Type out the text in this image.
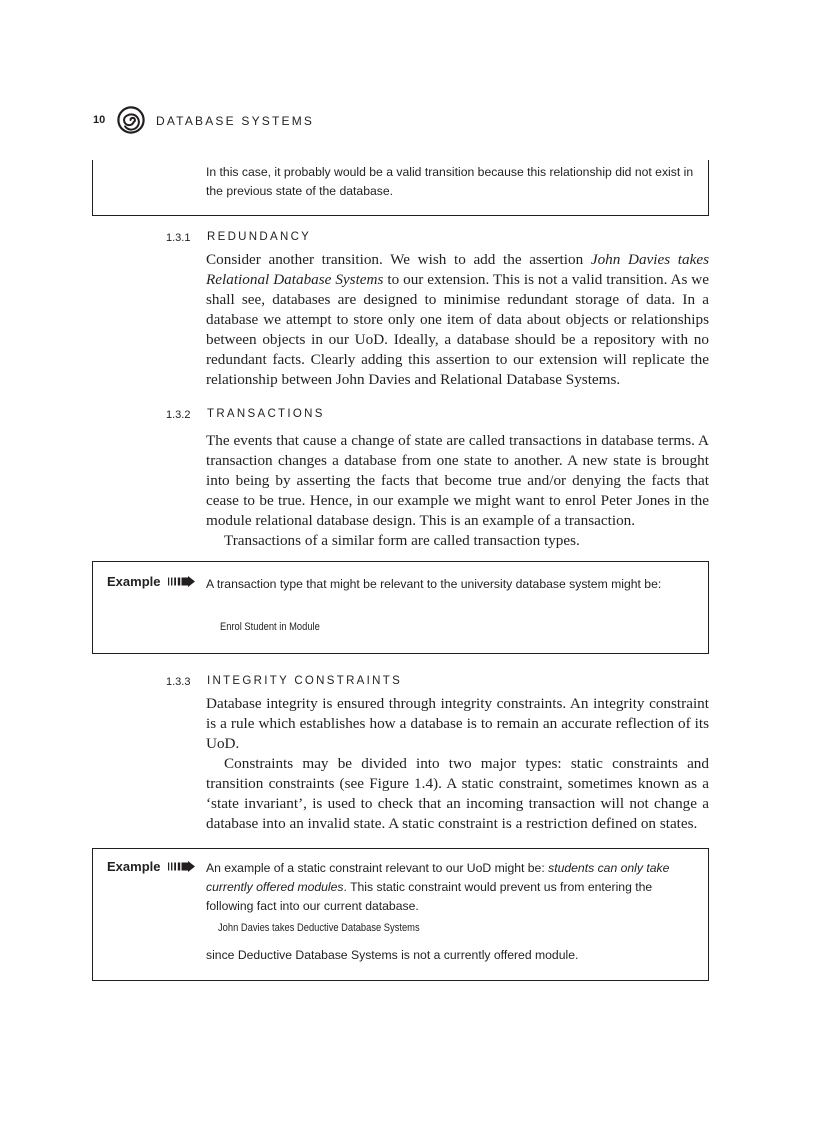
10	DATABASE SYSTEMS
In this case, it probably would be a valid transition because this relationship did not exist in the previous state of the database.
1.3.1 REDUNDANCY

Consider another transition. We wish to add the assertion John Davies takes Relational Database Systems to our extension. This is not a valid transition. As we shall see, databases are designed to minimise redundant storage of data. In a database we attempt to store only one item of data about objects or relationships between objects in our UoD. Ideally, a database should be a repository with no redundant facts. Clearly adding this assertion to our extension will replicate the relationship between John Davies and Relational Database Systems.

1.3.2 TRANSACTIONS

The events that cause a change of state are called transactions in database terms. A transaction changes a database from one state to another. A new state is brought into being by asserting the facts that become true and/or denying the facts that cease to be true. Hence, in our example we might want to enrol Peter Jones in the module relational database design. This is an example of a transaction.

Transactions of a similar form are called transaction types.

Example	A transaction type that might be relevant to the university database system might be:
Enrol Student in Module
1.3.3 INTEGRITY CONSTRAINTS

Database integrity is ensured through integrity constraints. An integrity constraint is a rule which establishes how a database is to remain an accurate reflection of its UoD.

Constraints may be divided into two major types: static constraints and transition constraints (see Figure 1.4). A static constraint, sometimes known as a ‘state invariant’, is used to check that an incoming transaction will not change a database into an invalid state. A static constraint is a restriction defined on states.

Example	An example of a static constraint relevant to our UoD might be: students can only take currently offered modules. This static constraint would prevent us from entering the following fact into our current database.
John Davies takes Deductive Database Systems
since Deductive Database Systems is not a currently offered module.
